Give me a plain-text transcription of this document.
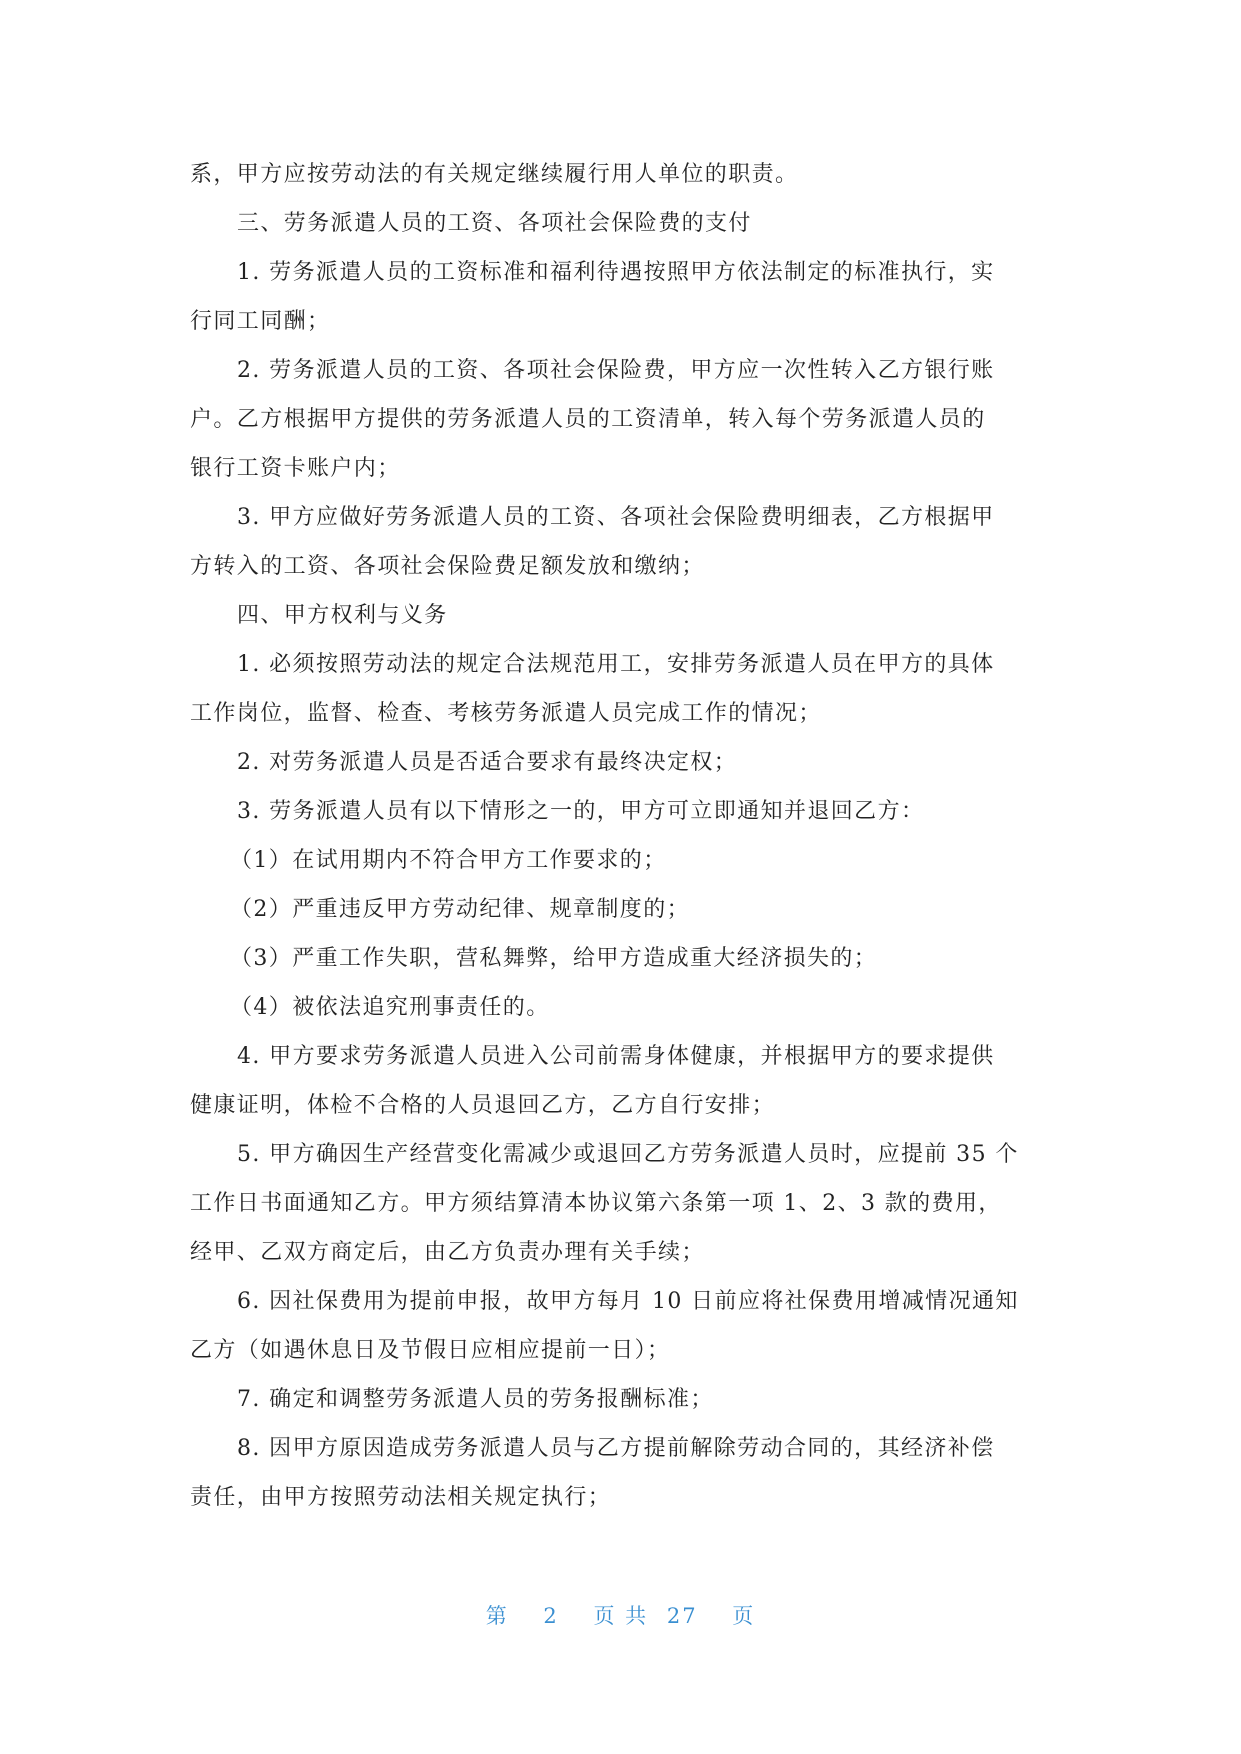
系，甲方应按劳动法的有关规定继续履行用人单位的职责。
三、劳务派遣人员的工资、各项社会保险费的支付
1. 劳务派遣人员的工资标准和福利待遇按照甲方依法制定的标准执行，实
行同工同酬；
2. 劳务派遣人员的工资、各项社会保险费，甲方应一次性转入乙方银行账
户。乙方根据甲方提供的劳务派遣人员的工资清单，转入每个劳务派遣人员的
银行工资卡账户内；
3. 甲方应做好劳务派遣人员的工资、各项社会保险费明细表，乙方根据甲
方转入的工资、各项社会保险费足额发放和缴纳；
四、甲方权利与义务
1. 必须按照劳动法的规定合法规范用工，安排劳务派遣人员在甲方的具体
工作岗位，监督、检查、考核劳务派遣人员完成工作的情况；
2. 对劳务派遣人员是否适合要求有最终决定权；
3. 劳务派遣人员有以下情形之一的，甲方可立即通知并退回乙方：
（1）在试用期内不符合甲方工作要求的；
（2）严重违反甲方劳动纪律、规章制度的；
（3）严重工作失职，营私舞弊，给甲方造成重大经济损失的；
（4）被依法追究刑事责任的。
4. 甲方要求劳务派遣人员进入公司前需身体健康，并根据甲方的要求提供
健康证明，体检不合格的人员退回乙方，乙方自行安排；
5. 甲方确因生产经营变化需减少或退回乙方劳务派遣人员时，应提前 35 个
工作日书面通知乙方。甲方须结算清本协议第六条第一项 1、2、3 款的费用，
经甲、乙双方商定后，由乙方负责办理有关手续；
6. 因社保费用为提前申报，故甲方每月 10 日前应将社保费用增减情况通知
乙方（如遇休息日及节假日应相应提前一日）；
7. 确定和调整劳务派遣人员的劳务报酬标准；
8. 因甲方原因造成劳务派遣人员与乙方提前解除劳动合同的，其经济补偿
责任，由甲方按照劳动法相关规定执行；
第 2 页 共 27 页
